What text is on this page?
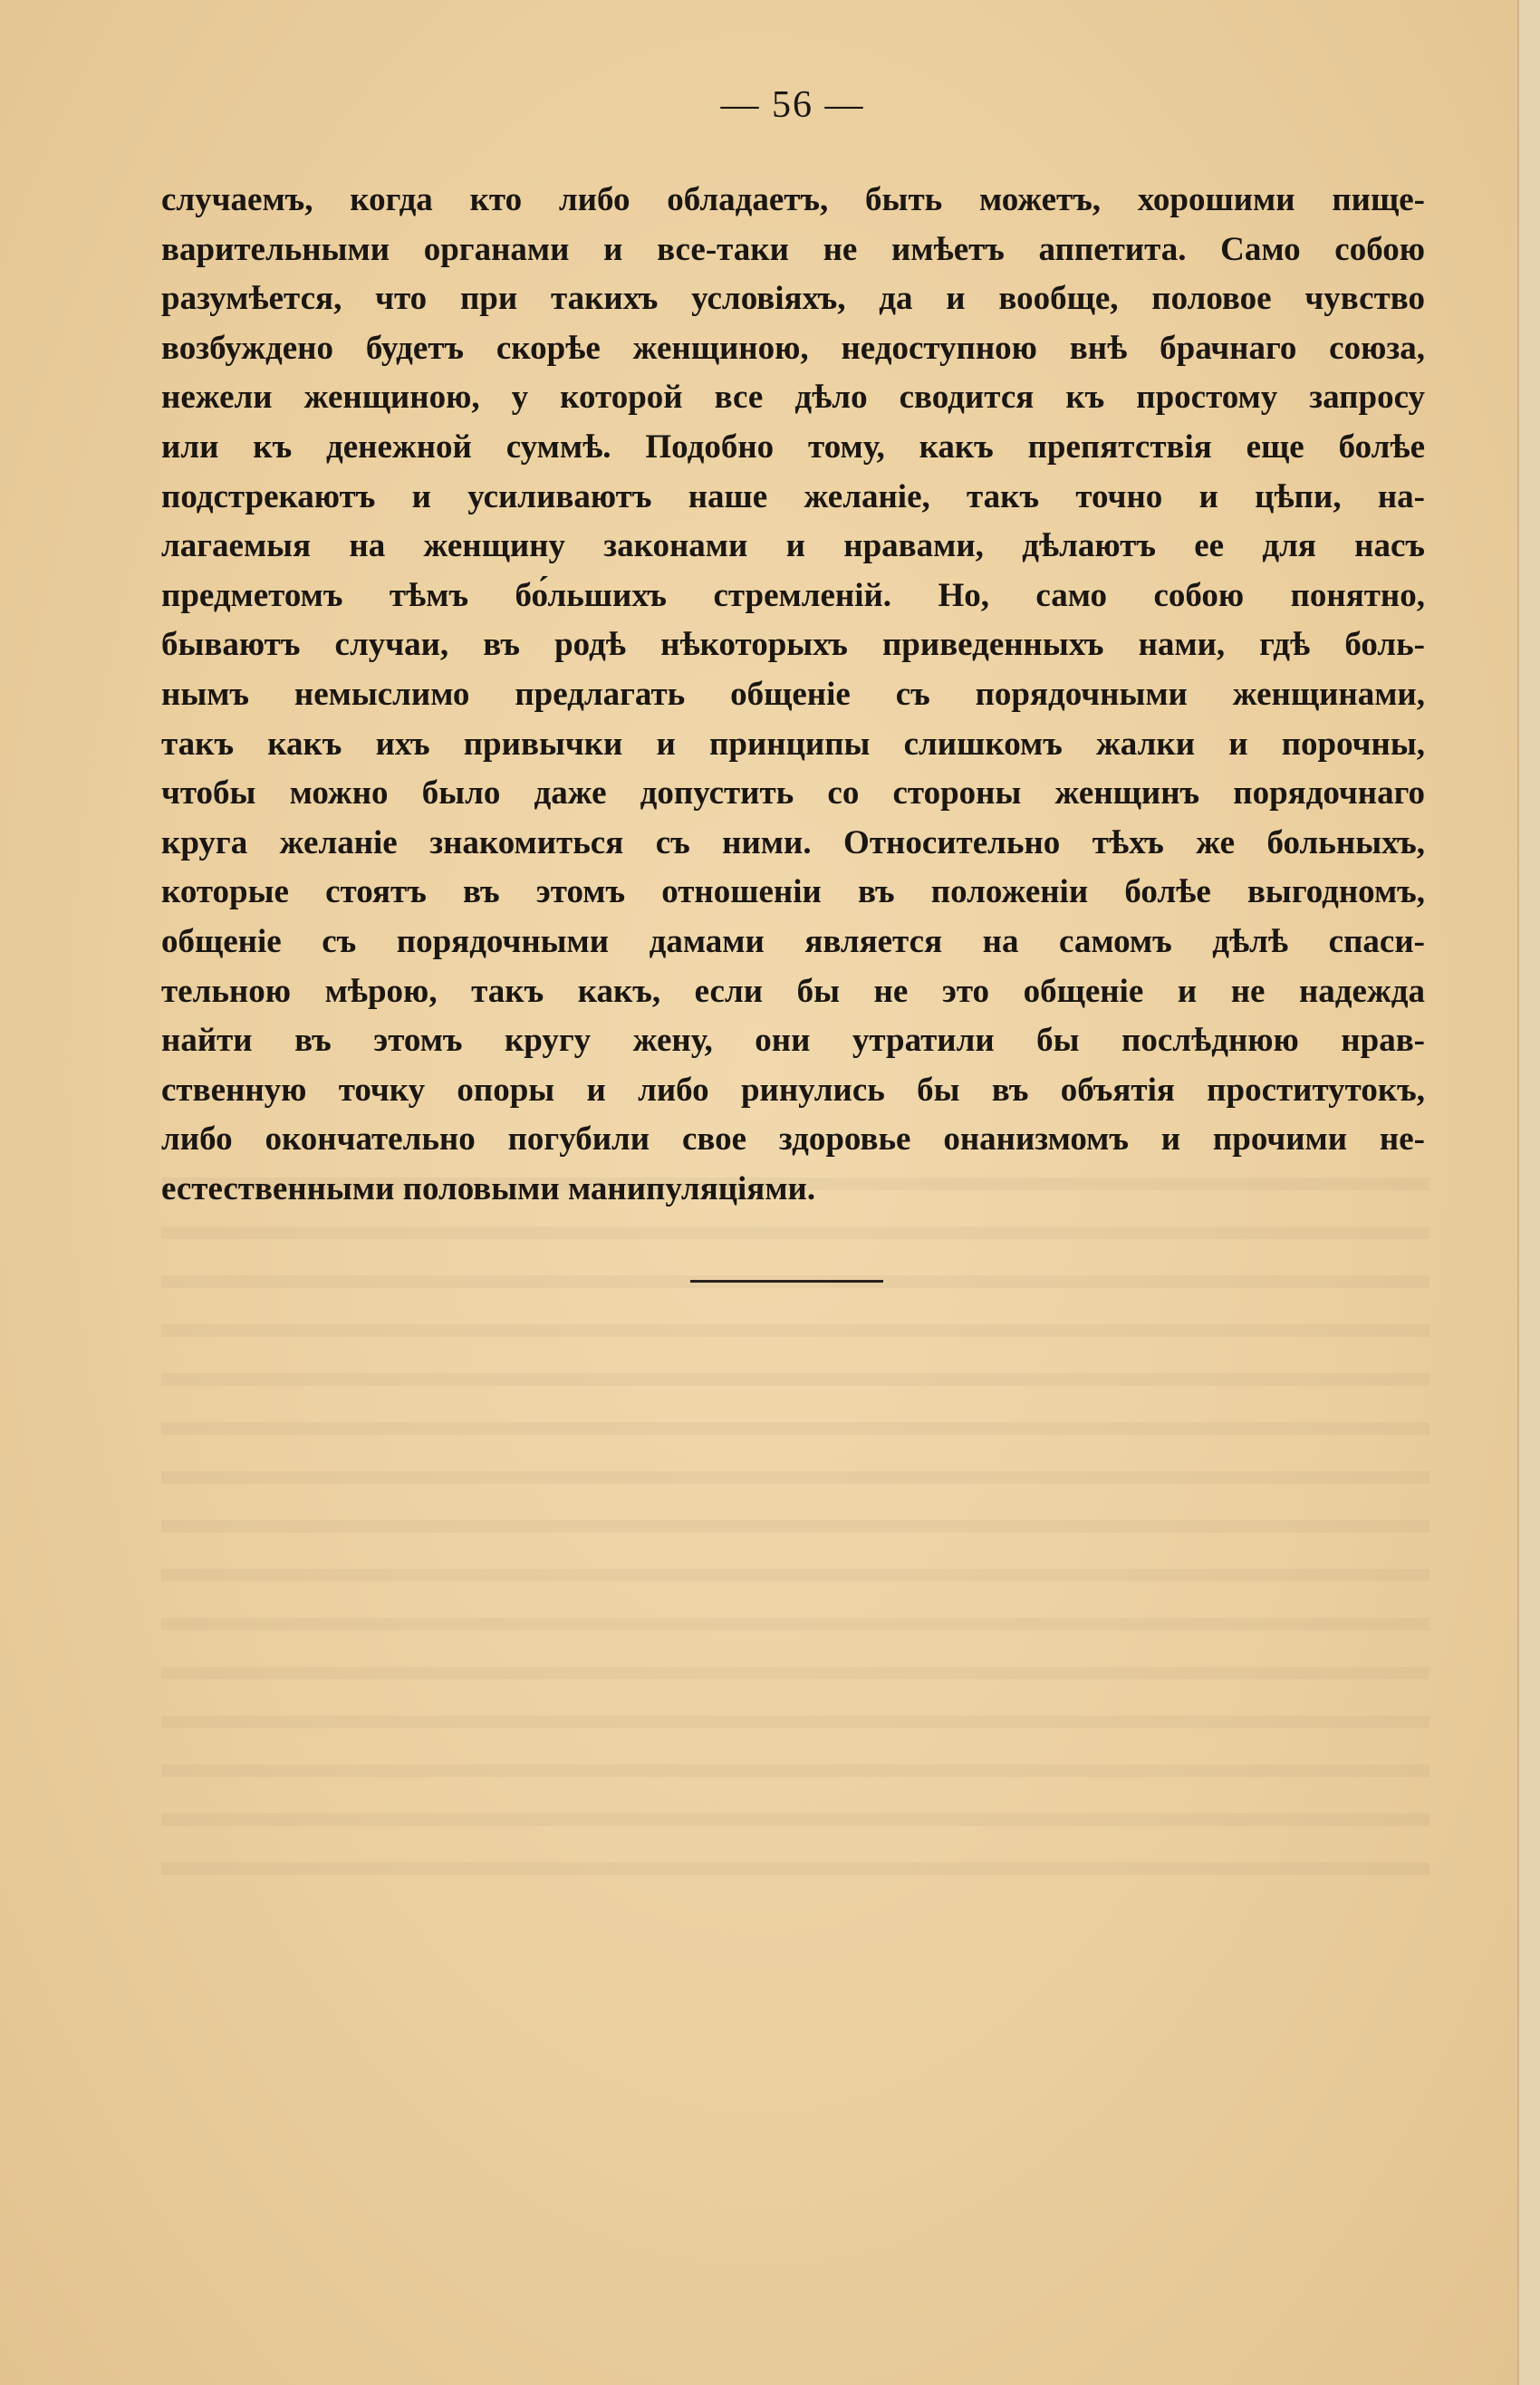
— 56 —

случаемъ, когда кто либо обладаетъ, быть можетъ, хорошими пище-
варительными органами и все-таки не имѣетъ аппетита. Само собою
разумѣется, что при такихъ условіяхъ, да и вообще, половое чувство
возбуждено будетъ скорѣе женщиною, недоступною внѣ брачнаго союза,
нежели женщиною, у которой все дѣло сводится къ простому запросу
или къ денежной суммѣ. Подобно тому, какъ препятствія еще болѣе
подстрекаютъ и усиливаютъ наше желаніе, такъ точно и цѣпи, на-
лагаемыя на женщину законами и нравами, дѣлаютъ ее для насъ
предметомъ тѣмъ бо́льшихъ стремленій. Но, само собою понятно,
бываютъ случаи, въ родѣ нѣкоторыхъ приведенныхъ нами, гдѣ боль-
нымъ немыслимо предлагать общеніе съ порядочными женщинами,
такъ какъ ихъ привычки и принципы слишкомъ жалки и порочны,
чтобы можно было даже допустить со стороны женщинъ порядочнаго
круга желаніе знакомиться съ ними. Относительно тѣхъ же больныхъ,
которые стоятъ въ этомъ отношеніи въ положеніи болѣе выгодномъ,
общеніе съ порядочными дамами является на самомъ дѣлѣ спаси-
тельною мѣрою, такъ какъ, если бы не это общеніе и не надежда
найти въ этомъ кругу жену, они утратили бы послѣднюю нрав-
ственную точку опоры и либо ринулись бы въ объятія проститутокъ,
либо окончательно погубили свое здоровье онанизмомъ и прочими не-
естественными половыми манипуляціями.
